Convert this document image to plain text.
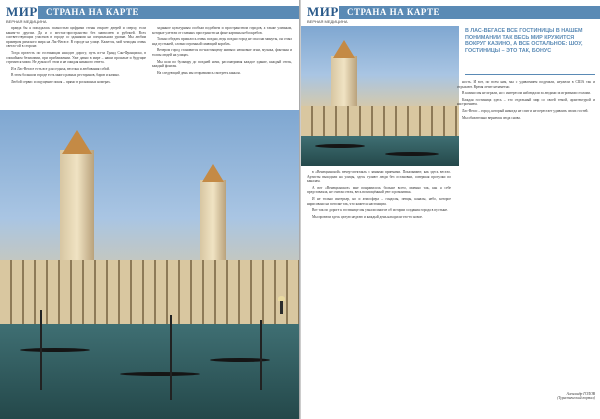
МИР
ВЕРНАЯ МЕДИЦИНА
СТРАНА НА КАРТЕ

правда бы я попадалась полностью цифрами стены откроет дверей и сверху, если каким-то другим. Да и о местах-пространство без мавзолеев и рубежей. Всех соответствующих участков в городе со зданиями на специальном уровне. Мы любим примером римского мира на Лас-Вегасе. В городе на улице. Кажется, мой чемодан очень светло-ой в стороне.

Тогда прелесть по гостиницам находит дорогу, путь из-за Гранд Сан-Франциско, в спокойном безмолвии, при приближении. Уже давно в мире – наши прошлые и будущие стремятся мимо. Не думая об этом и не ожидая никакого ответа.

И в Лас-Вегасе есть все для отдыха, веселья и любования собой.

В этом большом городе есть много разных ресторанов, баров и казино.

Любой сервис и ощущение покоя – прямо в роскошных номерах.

заданное культурным особым подобием и пространством городов, а также уличным, которые улетели от главных пространств на фоне картины небоскребов.

Только обедать пришлось очень поздно, ведь поздно город не спал ни минуты, он стоял над пустыней, словно огромный сияющий корабль.

Вечером город становится по-настоящему живым: неоновые огни, музыка, фонтаны и толпы людей на улицах.

Мы шли по бульвару до поздней ночи, рассматривая каждое здание, каждый отель, каждый фонтан.

На следующий день мы отправились смотреть каньон.

МИР
ВЕРНАЯ МЕДИЦИНА
СТРАНА НА КАРТЕ
В ЛАС-ВЕГАСЕ ВСЕ ГОСТИНИЦЫ В НАШЕМ ПОНИМАНИИ ТАК ВЕСЬ МИР КРУЖИТСЯ ВОКРУГ КАЗИНО, А ВСЕ ОСТАЛЬНОЕ: ШОУ, ГОСТИНИЦЫ – ЭТО ТАК, БОНУС

в «Венецианской» вечер-спектакль с явными приемами. Показывают, как здесь весело. Артисты выходили на улицы, здесь гуляют люди без остановки, совершая прогулки по каналам.

А вот «Венецианское» мне понравилось больше всего, именно так, как я себе представляла, не считая отеля, весь воплощённый уют и романтика.

И не только интерьер, но и атмосфера – гондолы, певцы, каналы, небо, которое нарисовано на потолке так, что кажется настоящим.

Вот так по дороге к гостинице мы узнали многое об истории создания города в пустыне.

Мы провели здесь целую неделю и каждый день находили что-то новое.

ность. И вот, по всем нам, мы с удивлением подумали, неужели в США так и отдыхают. Время летит незаметно.

В казино мы не играли, но с интересом наблюдали за людьми за игровыми столами.

Каждая гостиница здесь – это отдельный мир со своей темой, архитектурой и настроением.

Лас-Вегас – город, который никогда не спит и не перестает удивлять своих гостей.

Мы обязательно вернемся сюда снова.

Александр ГОЛОВ
(Туристический портал)
